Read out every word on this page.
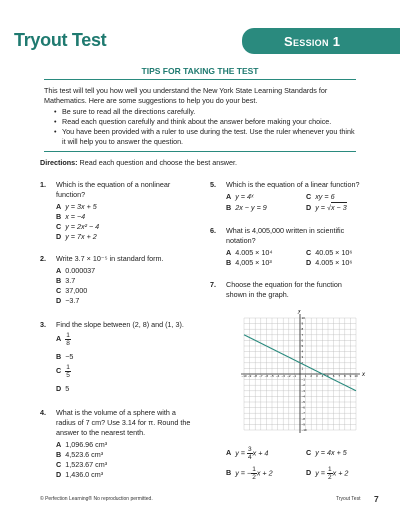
Tryout Test	Session 1
TIPS FOR TAKING THE TEST

This test will tell you how well you understand the New York State Learning Standards for Mathematics. Here are some suggestions to help you do your best.

• Be sure to read all the directions carefully.
• Read each question carefully and think about the answer before making your choice.
• You have been provided with a ruler to use during the test. Use the ruler whenever you think it will help you to answer the question.
Directions: Read each question and choose the best answer.
1. Which is the equation of a nonlinear
function?
A y = 3x + 5
B x = −4
C y = 2x² − 4
D y = 7x + 2
2. Write 3.7 × 10⁻⁵ in standard form.
A 0.000037
B 3.7
C 37,000
D −3.7
3. Find the slope between (2, 8) and (1, 3).
A $\frac{1}{8}$
B −5
C $\frac{1}{5}$
D 5
4. What is the volume of a sphere with a
radius of 7 cm? Use 3.14 for π. Round the
answer to the nearest tenth.
A 1,096.96 cm³
B 4,523.6 cm³
C 1,523.67 cm³
D 1,436.0 cm³
5. Which is the equation of a linear function?
A y = 4ˣ
B 2x − y = 9
C xy = 6
D y = √x − 3
6. What is 4,005,000 written in scientific
notation?
A 4.005 × 10⁴
B 4,005 × 10³
C 40.05 × 10⁶
D 4.005 × 10⁶
7. Choose the equation for the function
shown in the graph.
A $y = \frac{3}{4}$ x + 4
B y = − $\frac{1}{2}$ x + 2
C y = 4x + 5
D $y = \frac{1}{2}$ x + 2
−10 −9 −8 −7 −6 −5 −4 −3 −2 −1	1 2 3 4	6 7 8 9 10
−10
−9
−8
−7
−6
−5
−4
−3
−2
−1
1
2
3
4
5
6
7
8
9
10
x
y
© Perfection Learning® No reproduction permitted.	Tryout Test 7
